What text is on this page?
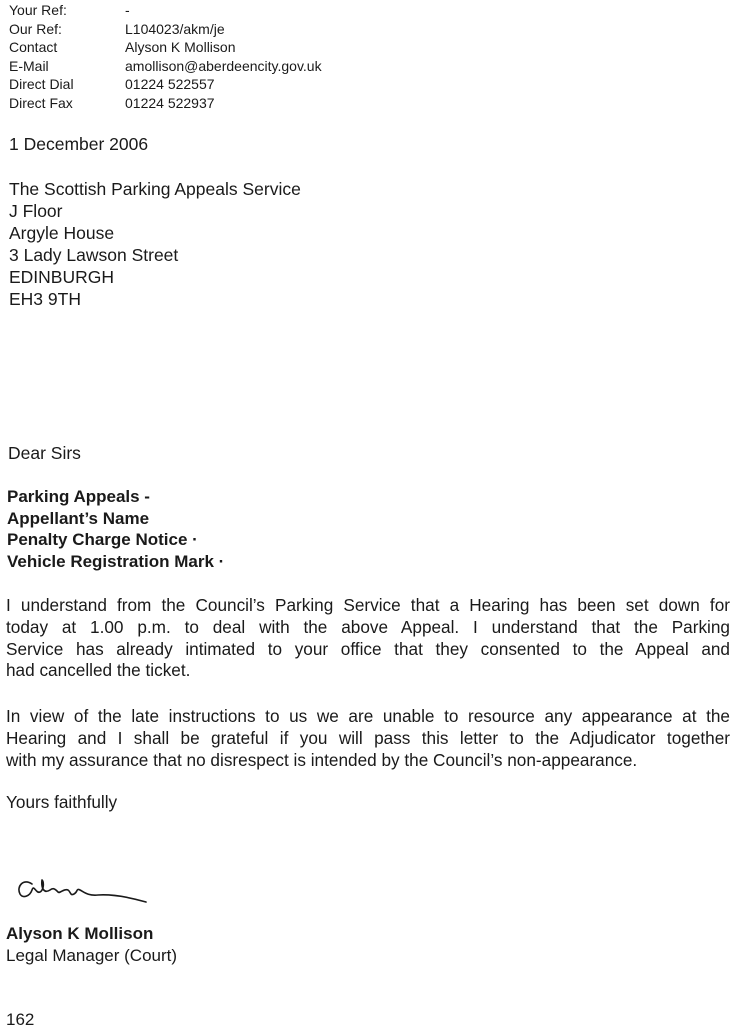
Your Ref:	-
Our Ref:	L104023/akm/je
Contact	Alyson K Mollison
E-Mail	amollison@aberdeencity.gov.uk
Direct Dial	01224 522557
Direct Fax	01224 522937
1 December 2006
The Scottish Parking Appeals Service
J Floor
Argyle House
3 Lady Lawson Street
EDINBURGH
EH3 9TH
Dear Sirs
Parking Appeals -
Appellant’s Name
Penalty Charge Notice ·
Vehicle Registration Mark ·
I understand from the Council’s Parking Service that a Hearing has been set down for
today at 1.00 p.m. to deal with the above Appeal. I understand that the Parking
Service has already intimated to your office that they consented to the Appeal and
had cancelled the ticket.
In view of the late instructions to us we are unable to resource any appearance at the
Hearing and I shall be grateful if you will pass this letter to the Adjudicator together
with my assurance that no disrespect is intended by the Council’s non-appearance.
Yours faithfully
Alyson K Mollison
Legal Manager (Court)
162
